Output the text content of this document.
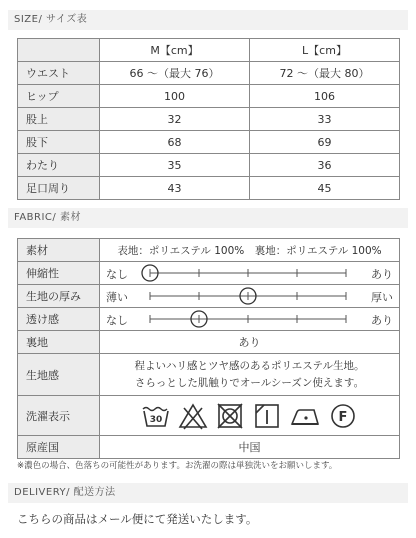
SIZE/ サイズ表
	M【cm】	L【cm】
ウエスト	66 ～（最大 76）	72 ～（最大 80）
ヒップ	100	106
股上	32	33
股下	68	69
わたり	35	36
足口周り	43	45
FABRIC/ 素材
素材	表地：ポリエステル 100%　裏地：ポリエステル 100%
伸縮性	なし あり

生地の厚み	薄い 厚い

透け感	なし あり

裏地	あり
生地感	程よいハリ感とツヤ感のあるポリエステル生地。
さらっとした肌触りでオールシーズン使えます。

洗濯表示	30 F

原産国	中国
※濃色の場合、色落ちの可能性があります。お洗濯の際は単独洗いをお願いします。
DELIVERY/ 配送方法
こちらの商品はメール便にて発送いたします。
